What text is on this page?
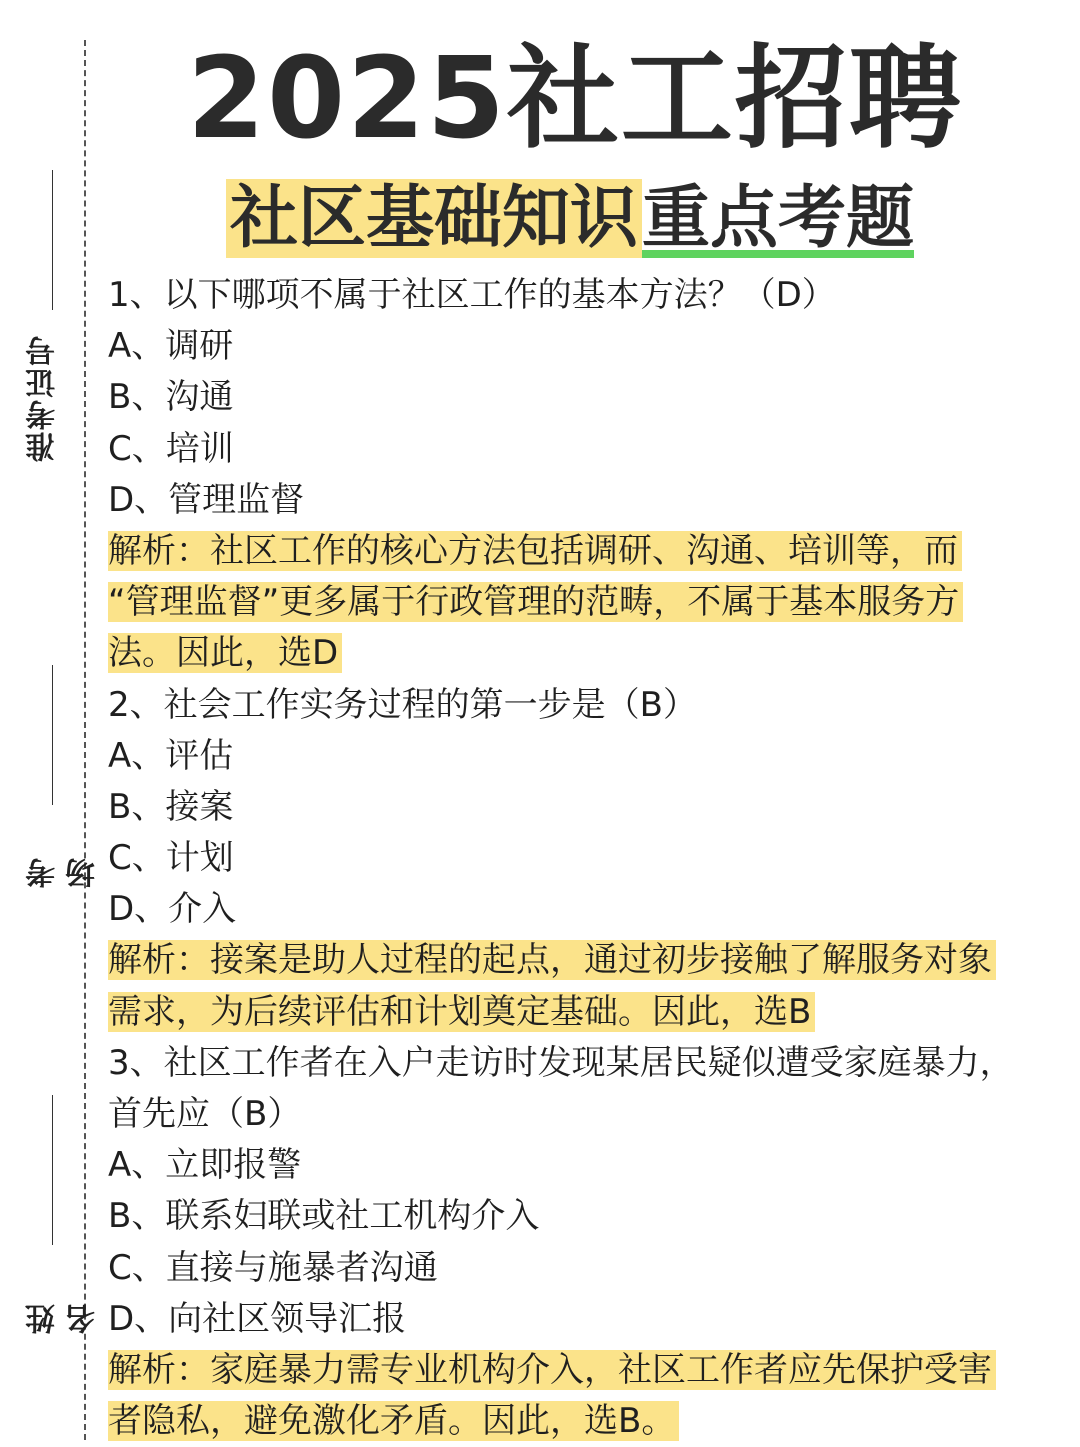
准考证号
考场
姓名
2025社工招聘
社区基础知识重点考题
1、以下哪项不属于社区工作的基本方法？（D）
A、调研
B、沟通
C、培训
D、管理监督
解析：社区工作的核心方法包括调研、沟通、培训等，而
“管理监督”更多属于行政管理的范畴，不属于基本服务方
法。因此，选D
2、社会工作实务过程的第一步是（B）
A、评估
B、接案
C、计划
D、介入
解析：接案是助人过程的起点，通过初步接触了解服务对象
需求，为后续评估和计划奠定基础。因此，选B
3、社区工作者在入户走访时发现某居民疑似遭受家庭暴力，
首先应（B）
A、立即报警
B、联系妇联或社工机构介入
C、直接与施暴者沟通
D、向社区领导汇报
解析：家庭暴力需专业机构介入，社区工作者应先保护受害
者隐私，避免激化矛盾。因此，选B。
